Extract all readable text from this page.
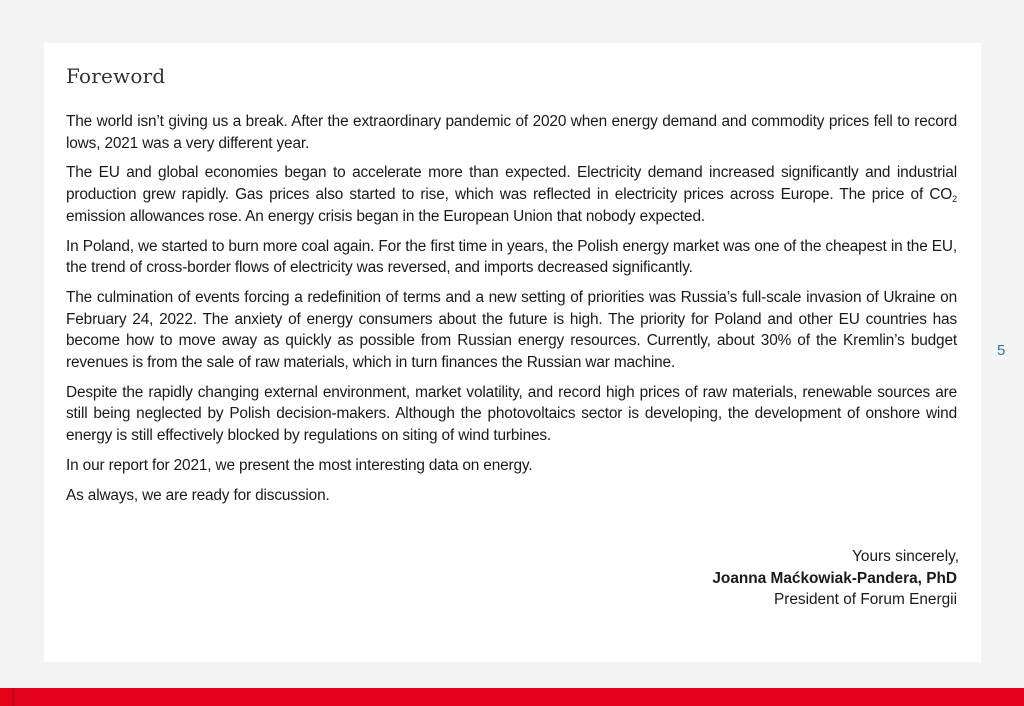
Foreword

The world isn’t giving us a break. After the extraordinary pandemic of 2020 when energy demand and commodity prices fell to record lows, 2021 was a very different year.

The EU and global economies began to accelerate more than expected. Electricity demand increased significantly and industrial production grew rapidly. Gas prices also started to rise, which was reflected in electricity prices across Europe. The price of $CO_2$ emission allowances rose. An energy crisis began in the European Union that nobody expected.

In Poland, we started to burn more coal again. For the first time in years, the Polish energy market was one of the cheapest in the EU, the trend of cross-border flows of electricity was reversed, and imports decreased significantly.

The culmination of events forcing a redefinition of terms and a new setting of priorities was Russia’s full-scale invasion of Ukraine on February 24, 2022. The anxiety of energy consumers about the future is high. The priority for Poland and other EU countries has become how to move away as quickly as possible from Russian energy resources. Currently, about 30% of the Kremlin’s budget revenues is from the sale of raw materials, which in turn finances the Russian war machine.

Despite the rapidly changing external environment, market volatility, and record high prices of raw materials, renewable sources are still being neglected by Polish decision-makers. Although the photovoltaics sector is developing, the development of onshore wind energy is still effectively blocked by regulations on siting of wind turbines.

In our report for 2021, we present the most interesting data on energy.

As always, we are ready for discussion.

Yours sincerely,
Joanna Maćkowiak-Pandera, PhD
President of Forum Energii
5
